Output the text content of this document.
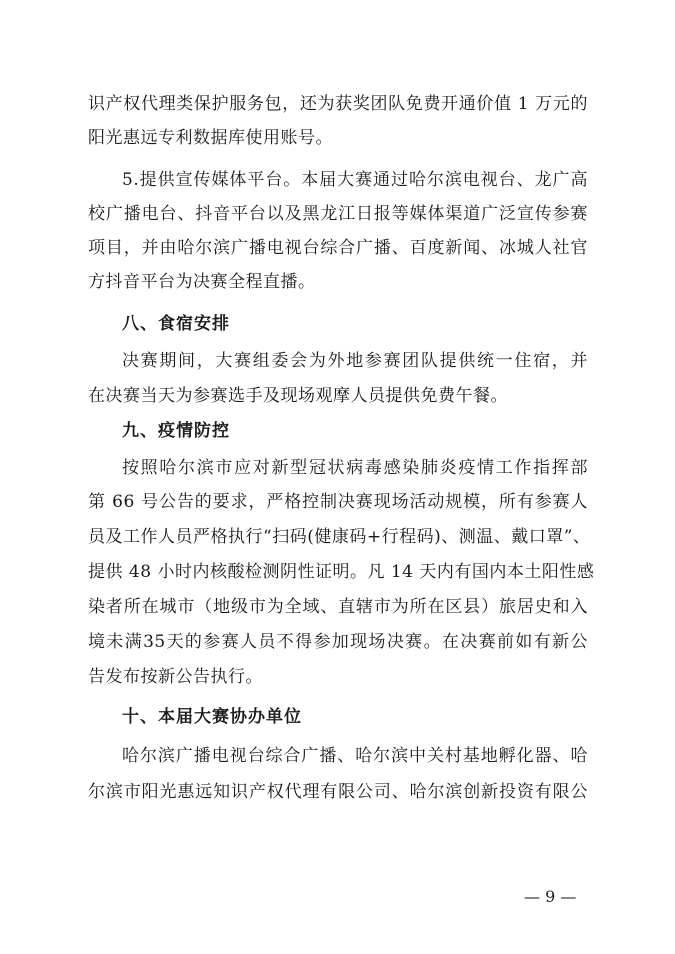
识产权代理类保护服务包，还为获奖团队免费开通价值 1 万元的
阳光惠远专利数据库使用账号。
5.提供宣传媒体平台。本届大赛通过哈尔滨电视台、龙广高
校广播电台、抖音平台以及黑龙江日报等媒体渠道广泛宣传参赛
项目，并由哈尔滨广播电视台综合广播、百度新闻、冰城人社官
方抖音平台为决赛全程直播。
八、食宿安排
决赛期间，大赛组委会为外地参赛团队提供统一住宿，并
在决赛当天为参赛选手及现场观摩人员提供免费午餐。
九、疫情防控
按照哈尔滨市应对新型冠状病毒感染肺炎疫情工作指挥部
第 66 号公告的要求，严格控制决赛现场活动规模，所有参赛人
员及工作人员严格执行“扫码(健康码+行程码)、测温、戴口罩”、
提供 48 小时内核酸检测阴性证明。凡 14 天内有国内本土阳性感
染者所在城市（地级市为全域、直辖市为所在区县）旅居史和入
境未满35天的参赛人员不得参加现场决赛。在决赛前如有新公
告发布按新公告执行。
十、本届大赛协办单位
哈尔滨广播电视台综合广播、哈尔滨中关村基地孵化器、哈
尔滨市阳光惠远知识产权代理有限公司、哈尔滨创新投资有限公
— 9 —
